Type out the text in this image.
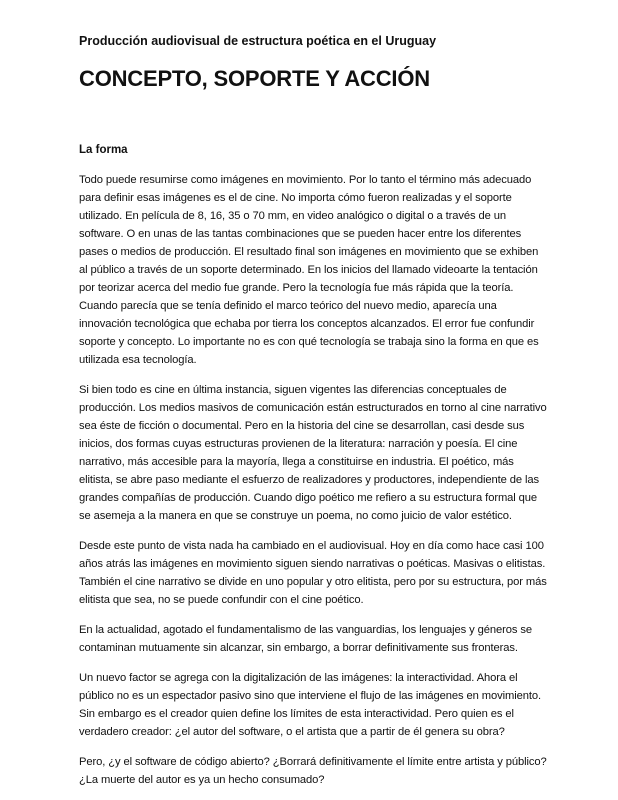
Producción audiovisual de estructura poética en el Uruguay

CONCEPTO, SOPORTE Y ACCIÓN
La forma

Todo puede resumirse como imágenes en movimiento. Por lo tanto el término más adecuado para definir esas imágenes es el de cine. No importa cómo fueron realizadas y el soporte utilizado. En película de 8, 16, 35 o 70 mm, en video analógico o digital o a través de un software. O en unas de las tantas combinaciones que se pueden hacer entre los diferentes pases o medios de producción. El resultado final son imágenes en movimiento que se exhiben al público a través de un soporte determinado. En los inicios del llamado videoarte la tentación por teorizar acerca del medio fue grande. Pero la tecnología fue más rápida que la teoría. Cuando parecía que se tenía definido el marco teórico del nuevo medio, aparecía una innovación tecnológica que echaba por tierra los conceptos alcanzados. El error fue confundir soporte y concepto. Lo importante no es con qué tecnología se trabaja sino la forma en que es utilizada esa tecnología.

Si bien todo es cine en última instancia, siguen vigentes las diferencias conceptuales de producción. Los medios masivos de comunicación están estructurados en torno al cine narrativo sea éste de ficción o documental. Pero en la historia del cine se desarrollan, casi desde sus inicios, dos formas cuyas estructuras provienen de la literatura: narración y poesía. El cine narrativo, más accesible para la mayoría, llega a constituirse en industria. El poético, más elitista, se abre paso mediante el esfuerzo de realizadores y productores, independiente de las grandes compañías de producción. Cuando digo poético me refiero a su estructura formal que se asemeja a la manera en que se construye un poema, no como juicio de valor estético.

Desde este punto de vista nada ha cambiado en el audiovisual. Hoy en día como hace casi 100 años atrás las imágenes en movimiento siguen siendo narrativas o poéticas. Masivas o elitistas. También el cine narrativo se divide en uno popular y otro elitista, pero por su estructura, por más elitista que sea, no se puede confundir con el cine poético.

En la actualidad, agotado el fundamentalismo de las vanguardias, los lenguajes y géneros se contaminan mutuamente sin alcanzar, sin embargo, a borrar definitivamente sus fronteras.

Un nuevo factor se agrega con la digitalización de las imágenes: la interactividad. Ahora el público no es un espectador pasivo sino que interviene el flujo de las imágenes en movimiento. Sin embargo es el creador quien define los límites de esta interactividad. Pero quien es el verdadero creador: ¿el autor del software, o el artista que a partir de él genera su obra?

Pero, ¿y el software de código abierto? ¿Borrará definitivamente el límite entre artista y público? ¿La muerte del autor es ya un hecho consumado?
